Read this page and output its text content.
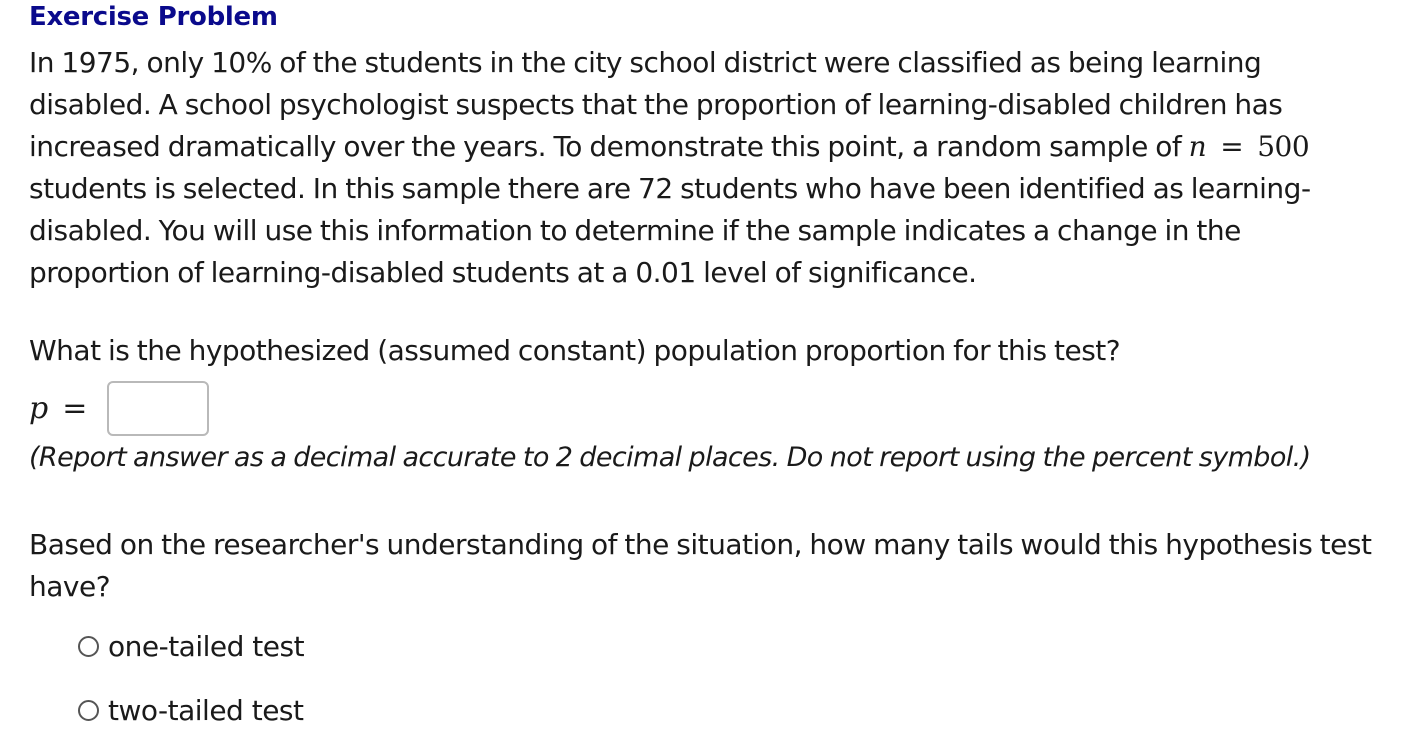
Exercise Problem
In 1975, only 10% of the students in the city school district were classified as being learning
disabled. A school psychologist suspects that the proportion of learning-disabled children has
increased dramatically over the years. To demonstrate this point, a random sample of n = 500
students is selected. In this sample there are 72 students who have been identified as learning-
disabled. You will use this information to determine if the sample indicates a change in the
proportion of learning-disabled students at a 0.01 level of significance.
What is the hypothesized (assumed constant) population proportion for this test?
p =
(Report answer as a decimal accurate to 2 decimal places. Do not report using the percent symbol.)
Based on the researcher's understanding of the situation, how many tails would this hypothesis test
have?
one-tailed test
two-tailed test
